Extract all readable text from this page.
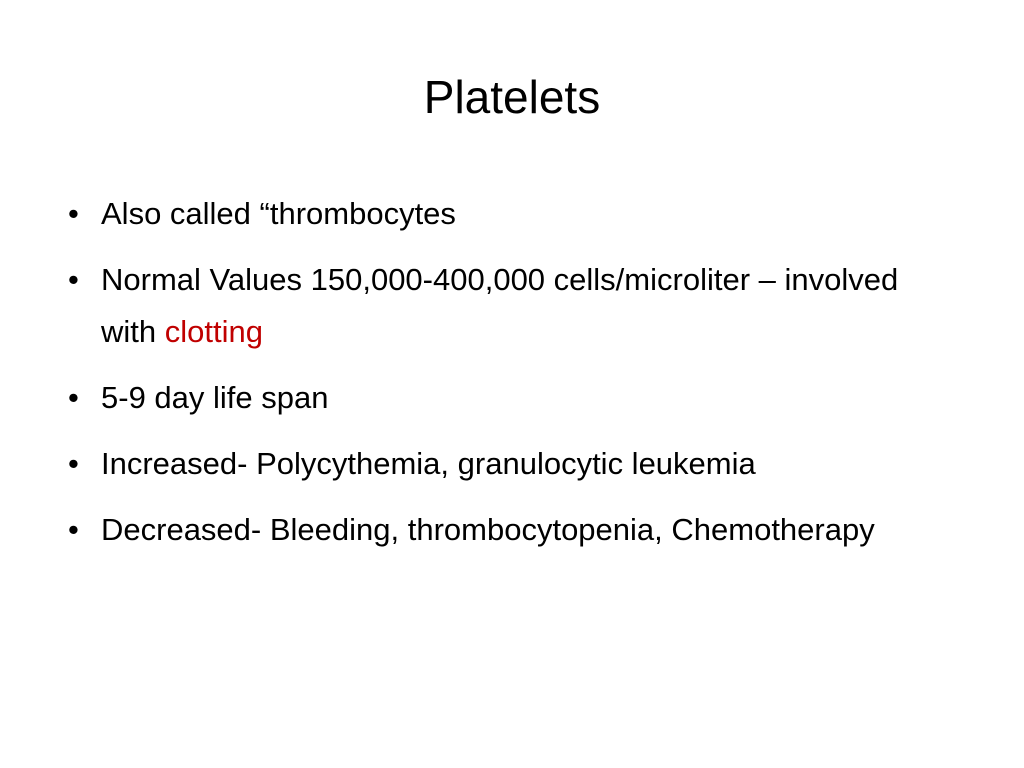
Platelets
• Also called “thrombocytes
• Normal Values 150,000-400,000 cells/microliter – involved with clotting
• 5-9 day life span
• Increased- Polycythemia, granulocytic leukemia
• Decreased- Bleeding, thrombocytopenia, Chemotherapy
